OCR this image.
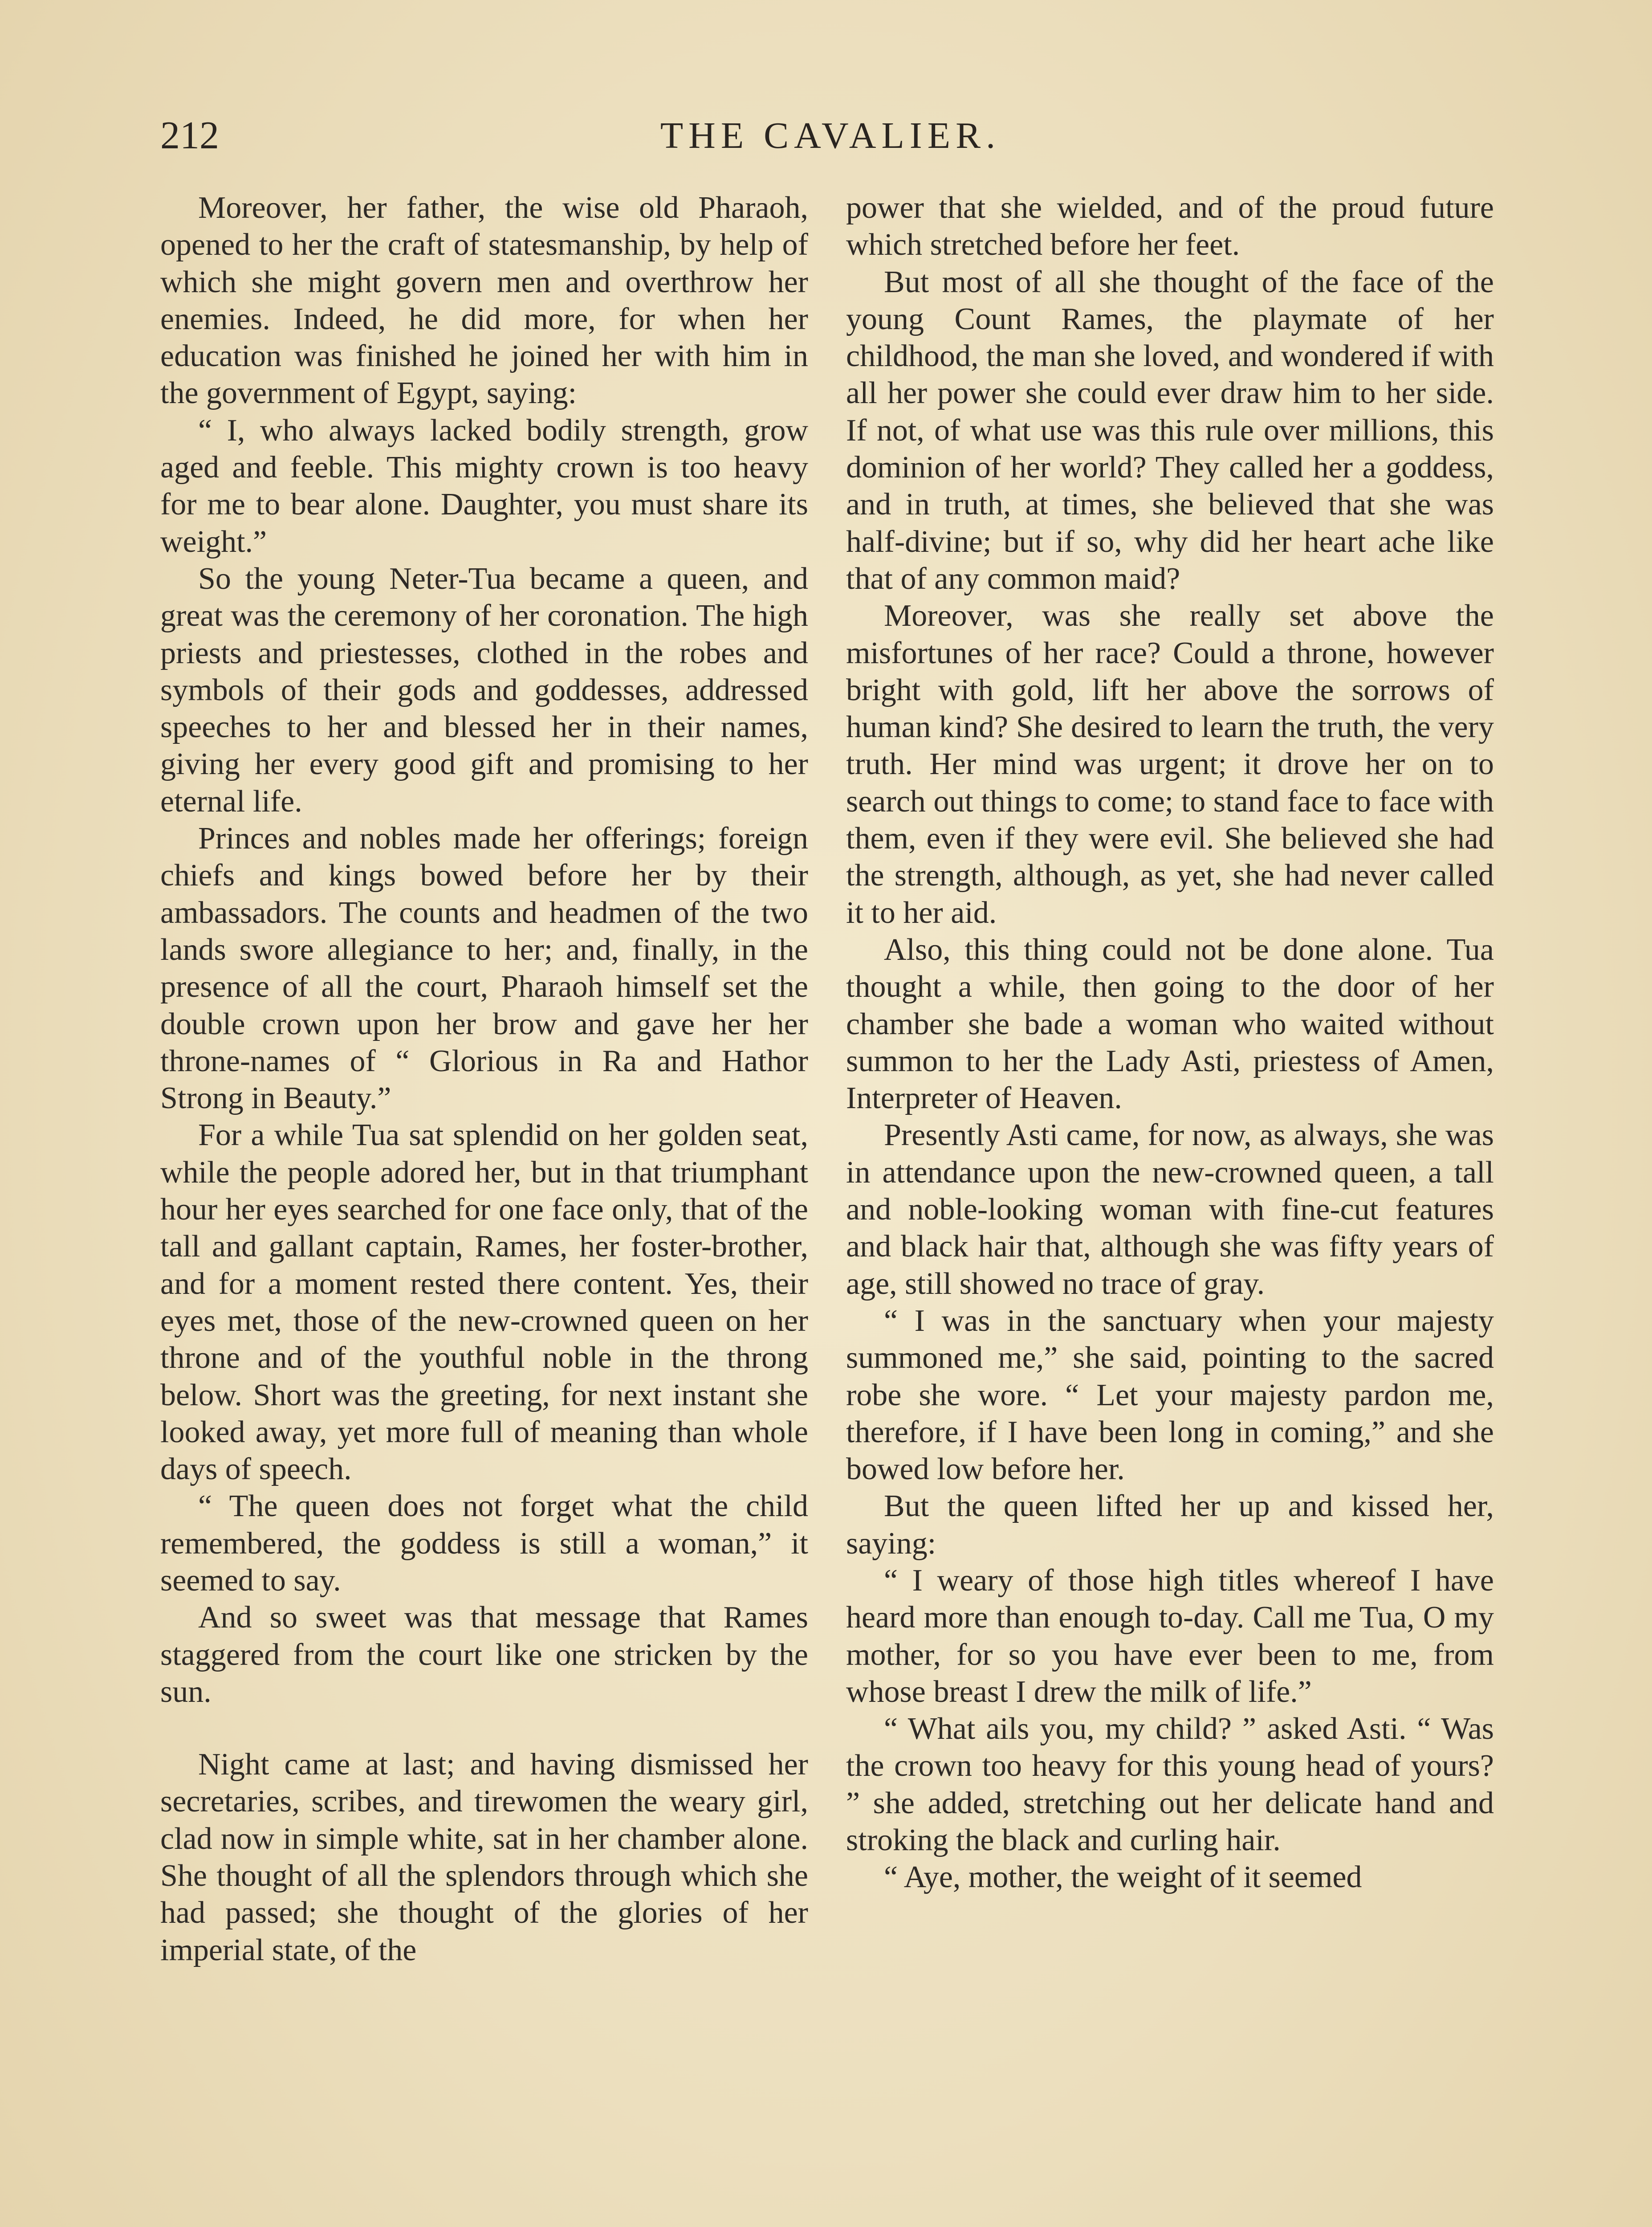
212	THE CAVALIER.

Moreover, her father, the wise old Pharaoh, opened to her the craft of statesmanship, by help of which she might govern men and overthrow her enemies. Indeed, he did more, for when her education was finished he joined her with him in the government of Egypt, saying:

“ I, who always lacked bodily strength, grow aged and feeble. This mighty crown is too heavy for me to bear alone. Daughter, you must share its weight.”

So the young Neter-Tua became a queen, and great was the ceremony of her coronation. The high priests and priestesses, clothed in the robes and symbols of their gods and goddesses, addressed speeches to her and blessed her in their names, giving her every good gift and promising to her eternal life.

Princes and nobles made her offerings; foreign chiefs and kings bowed before her by their ambassadors. The counts and headmen of the two lands swore allegiance to her; and, finally, in the presence of all the court, Pharaoh himself set the double crown upon her brow and gave her her throne-names of “ Glorious in Ra and Hathor Strong in Beauty.”

For a while Tua sat splendid on her golden seat, while the people adored her, but in that triumphant hour her eyes searched for one face only, that of the tall and gallant captain, Rames, her foster-brother, and for a moment rested there content. Yes, their eyes met, those of the new-crowned queen on her throne and of the youthful noble in the throng below. Short was the greeting, for next instant she looked away, yet more full of meaning than whole days of speech.

“ The queen does not forget what the child remembered, the goddess is still a woman,” it seemed to say.

And so sweet was that message that Rames staggered from the court like one stricken by the sun.

Night came at last; and having dismissed her secretaries, scribes, and tirewomen the weary girl, clad now in simple white, sat in her chamber alone. She thought of all the splendors through which she had passed; she thought of the glories of her imperial state, of the

power that she wielded, and of the proud future which stretched before her feet.

But most of all she thought of the face of the young Count Rames, the playmate of her childhood, the man she loved, and wondered if with all her power she could ever draw him to her side. If not, of what use was this rule over millions, this dominion of her world? They called her a goddess, and in truth, at times, she believed that she was half-divine; but if so, why did her heart ache like that of any common maid?

Moreover, was she really set above the misfortunes of her race? Could a throne, however bright with gold, lift her above the sorrows of human kind? She desired to learn the truth, the very truth. Her mind was urgent; it drove her on to search out things to come; to stand face to face with them, even if they were evil. She believed she had the strength, although, as yet, she had never called it to her aid.

Also, this thing could not be done alone. Tua thought a while, then going to the door of her chamber she bade a woman who waited without summon to her the Lady Asti, priestess of Amen, Interpreter of Heaven.

Presently Asti came, for now, as always, she was in attendance upon the new-crowned queen, a tall and noble-looking woman with fine-cut features and black hair that, although she was fifty years of age, still showed no trace of gray.

“ I was in the sanctuary when your majesty summoned me,” she said, pointing to the sacred robe she wore. “ Let your majesty pardon me, therefore, if I have been long in coming,” and she bowed low before her.

But the queen lifted her up and kissed her, saying:

“ I weary of those high titles whereof I have heard more than enough to-day. Call me Tua, O my mother, for so you have ever been to me, from whose breast I drew the milk of life.”

“ What ails you, my child? ” asked Asti. “ Was the crown too heavy for this young head of yours? ” she added, stretching out her delicate hand and stroking the black and curling hair.

“ Aye, mother, the weight of it seemed
